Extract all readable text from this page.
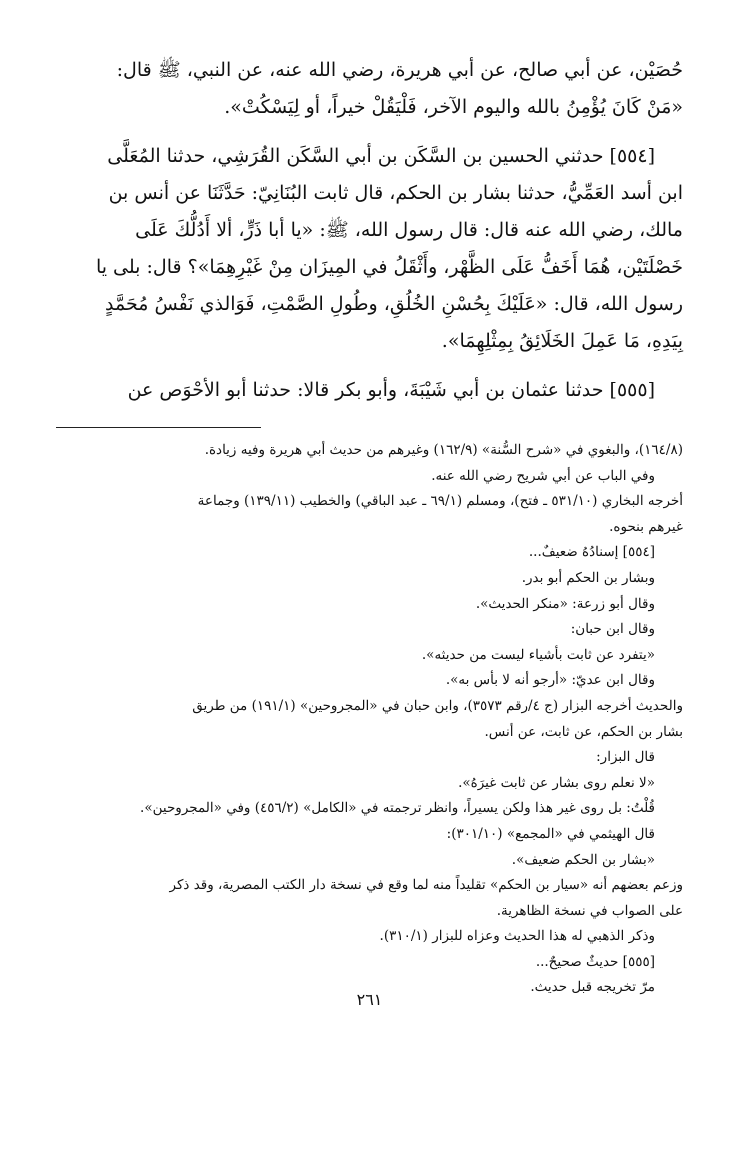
حُصَيْن، عن أبي صالح، عن أبي هريرة، رضي الله عنه، عن النبي، ﷺ قال:

«مَنْ كَانَ يُؤْمِنُ بالله واليوم الآخر، فَلْيَقُلْ خيراً، أو لِيَسْكُتْ».

[٥٥٤] حدثني الحسين بن السَّكَن بن أبي السَّكَن القُرَشِي، حدثنا المُعَلَّى

ابن أسد العَمِّيُّ، حدثنا بشار بن الحكم، قال ثابت البُنَانِيّ: حَدَّثَنَا عن أنس بن

مالك، رضي الله عنه قال: قال رسول الله، ﷺ: «يا أبا ذَرٍّ، ألا أَدُلُّكَ عَلَى

خَصْلَتَيْن، هُمَا أَخَفُّ عَلَى الظَّهْر، وأَثْقَلُ في المِيزَان مِنْ غَيْرِهِمَا»؟ قال: بلى يا

رسول الله، قال: «عَلَيْكَ بِحُسْنِ الخُلُقِ، وطُولِ الصَّمْتِ، فَوَالذي نَفْسُ مُحَمَّدٍ

بِيَدِهِ، مَا عَمِلَ الخَلَائِقُ بِمِثْلِهِمَا».

[٥٥٥] حدثنا عثمان بن أبي شَيْبَةَ، وأبو بكر قالا: حدثنا أبو الأحْوَص عن

(١٦٤/٨)، والبغوي في «شرح السُّنة» (١٦٢/٩) وغيرهم من حديث أبي هريرة وفيه زيادة.

وفي الباب عن أبي شريح رضي الله عنه.

أخرجه البخاري (٥٣١/١٠ ـ فتح)، ومسلم (٦٩/١ ـ عبد الباقي) والخطيب (١٣٩/١١) وجماعة

غيرهم بنحوه.

[٥٥٤] إسنادُهُ ضعيفٌ...

وبشار بن الحكم أبو بدر.

وقال أبو زرعة: «منكر الحديث».

وقال ابن حبان:

«يتفرد عن ثابت بأشياء ليست من حديثه».

وقال ابن عديّ: «أرجو أنه لا بأس به».

والحديث أخرجه البزار (ج ٤/رقم ٣٥٧٣)، وابن حبان في «المجروحين» (١٩١/١) من طريق

بشار بن الحكم، عن ثابت، عن أنس.

قال البزار:

«لا نعلم روى بشار عن ثابت غيرَهُ».

قُلْتُ: بل روى غير هذا ولكن يسيراً، وانظر ترجمته في «الكامل» (٤٥٦/٢) وفي «المجروحين».

قال الهيثمي في «المجمع» (٣٠١/١٠):

«بشار بن الحكم ضعيف».

وزعم بعضهم أنه «سيار بن الحكم» تقليداً منه لما وقع في نسخة دار الكتب المصرية، وقد ذكر

على الصواب في نسخة الظاهرية.

وذكر الذهبي له هذا الحديث وعزاه للبزار (٣١٠/١).

[٥٥٥] حديثٌ صحيحٌ...

مرّ تخريجه قبل حديث.

٢٦١
